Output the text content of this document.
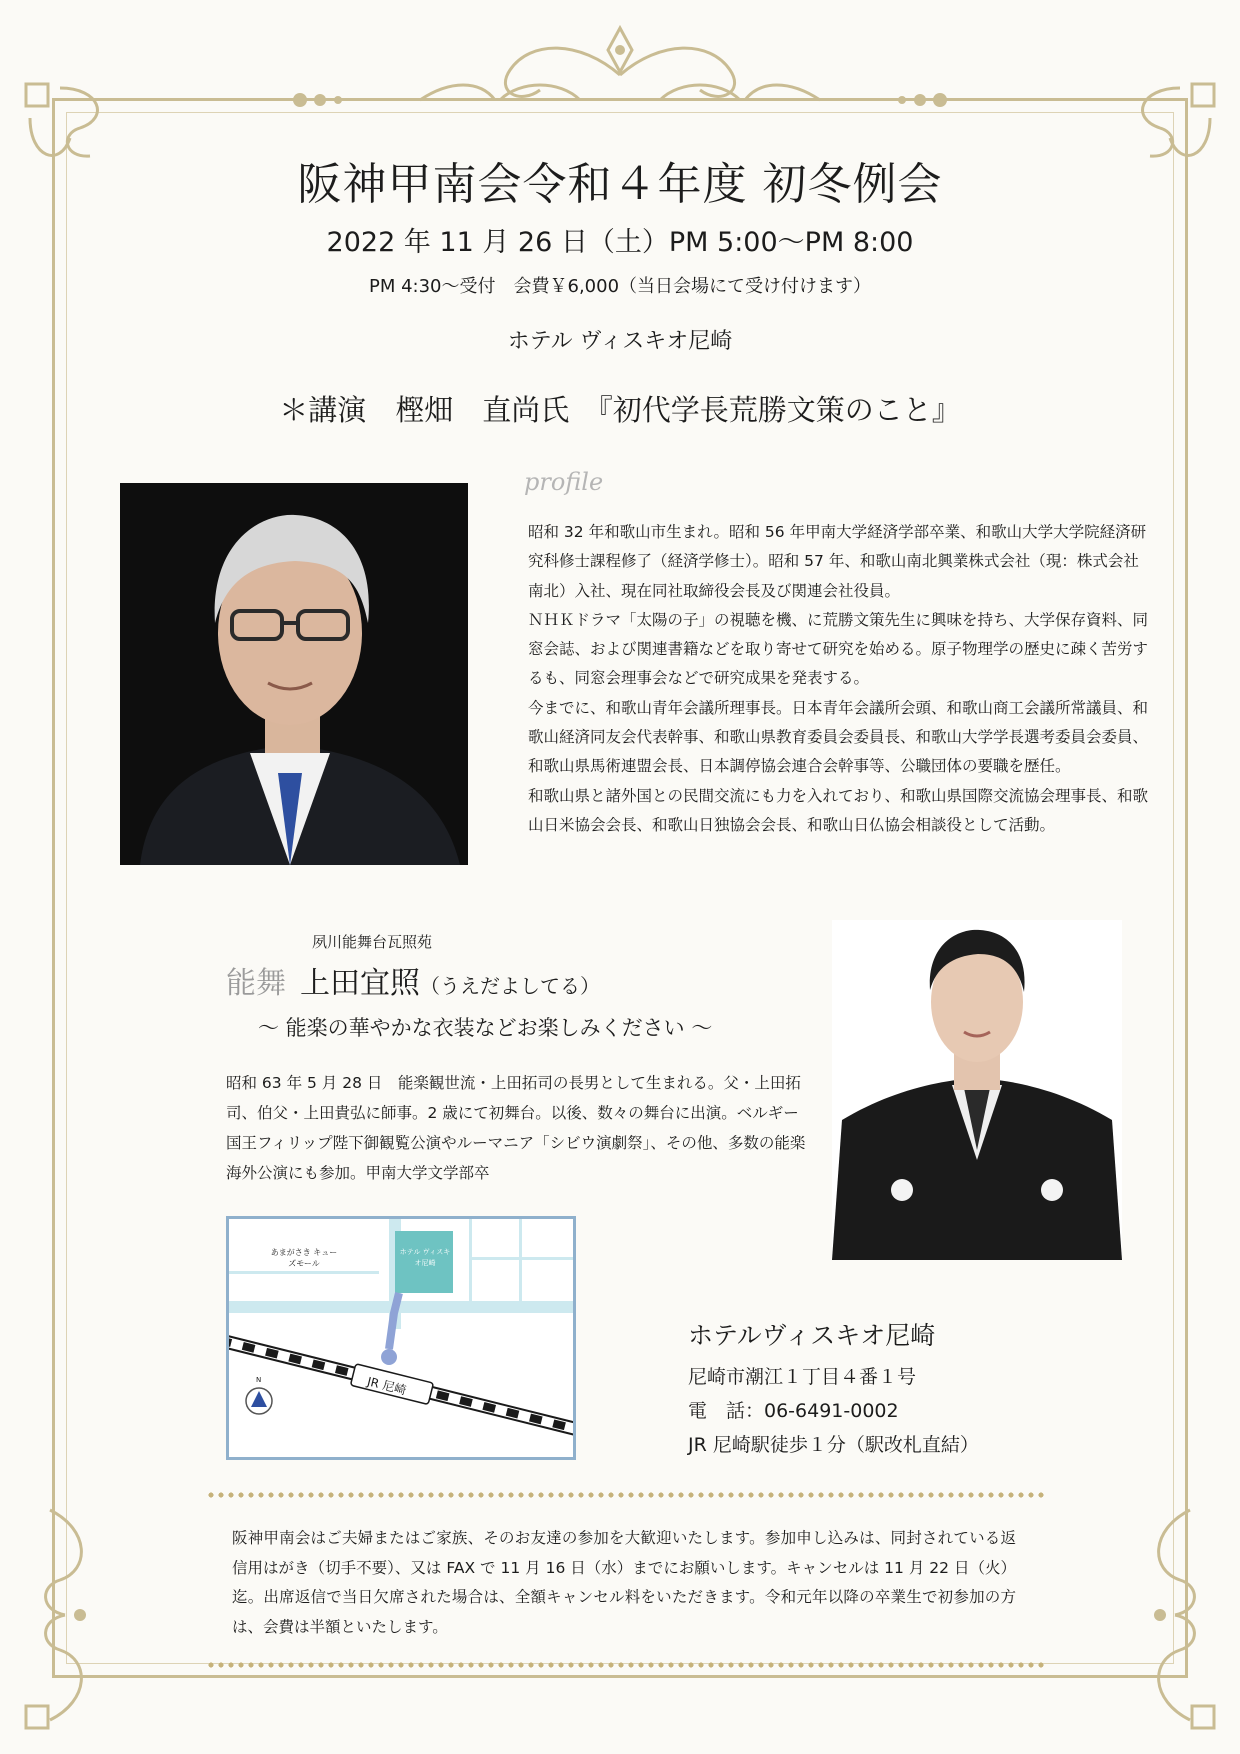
阪神甲南会令和４年度 初冬例会
2022 年 11 月 26 日（土）PM 5:00〜PM 8:00
PM 4:30〜受付　会費￥6,000（当日会場にて受け付けます）
ホテル ヴィスキオ尼崎
＊講演　樫畑　直尚氏　『初代学長荒勝文策のこと』
profile

昭和 32 年和歌山市生まれ。昭和 56 年甲南大学経済学部卒業、和歌山大学大学院経済研究科修士課程修了（経済学修士）。昭和 57 年、和歌山南北興業株式会社（現：株式会社南北）入社、現在同社取締役会長及び関連会社役員。

ＮＨＫドラマ「太陽の子」の視聴を機、に荒勝文策先生に興味を持ち、大学保存資料、同窓会誌、および関連書籍などを取り寄せて研究を始める。原子物理学の歴史に疎く苦労するも、同窓会理事会などで研究成果を発表する。

今までに、和歌山青年会議所理事長。日本青年会議所会頭、和歌山商工会議所常議員、和歌山経済同友会代表幹事、和歌山県教育委員会委員長、和歌山大学学長選考委員会委員、和歌山県馬術連盟会長、日本調停協会連合会幹事等、公職団体の要職を歴任。

和歌山県と諸外国との民間交流にも力を入れており、和歌山県国際交流協会理事長、和歌山日米協会会長、和歌山日独協会会長、和歌山日仏協会相談役として活動。

夙川能舞台瓦照苑
能舞 上田宜照（うえだよしてる）
〜 能楽の華やかな衣装などお楽しみください 〜
昭和 63 年 5 月 28 日　能楽観世流・上田拓司の長男として生まれる。父・上田拓司、伯父・上田貴弘に師事。2 歳にて初舞台。以後、数々の舞台に出演。ベルギー国王フィリップ陛下御観覧公演やルーマニア「シビウ演劇祭」、その他、多数の能楽海外公演にも参加。甲南大学文学部卒
あまがさき キューズモール
ホテル ヴィスキオ尼崎
JR 尼崎
N
ホテルヴィスキオ尼崎
尼崎市潮江１丁目４番１号
電　話：06-6491-0002
JR 尼崎駅徒歩１分（駅改札直結）
阪神甲南会はご夫婦またはご家族、そのお友達の参加を大歓迎いたします。参加申し込みは、同封されている返信用はがき（切手不要）、又は FAX で 11 月 16 日（水）までにお願いします。キャンセルは 11 月 22 日（火）迄。出席返信で当日欠席された場合は、全額キャンセル料をいただきます。令和元年以降の卒業生で初参加の方は、会費は半額といたします。
